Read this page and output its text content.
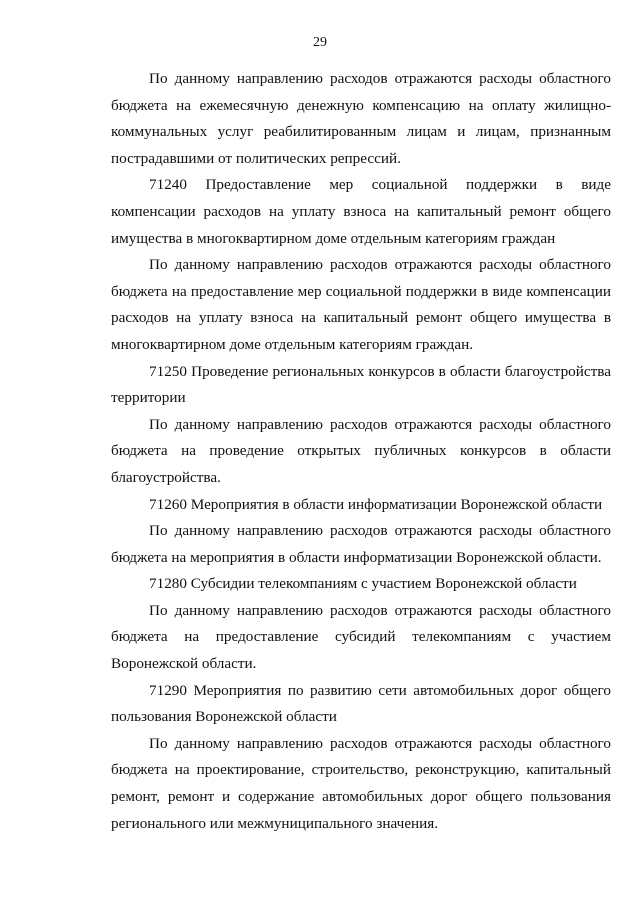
29

По данному направлению расходов отражаются расходы областного бюджета на ежемесячную денежную компенсацию на оплату жилищно-коммунальных услуг реабилитированным лицам и лицам, признанным пострадавшими от политических репрессий.

71240 Предоставление мер социальной поддержки в виде компенсации расходов на уплату взноса на капитальный ремонт общего имущества в многоквартирном доме отдельным категориям граждан

По данному направлению расходов отражаются расходы областного бюджета на предоставление мер социальной поддержки в виде компенсации расходов на уплату взноса на капитальный ремонт общего имущества в многоквартирном доме отдельным категориям граждан.

71250 Проведение региональных конкурсов в области благоустройства территории

По данному направлению расходов отражаются расходы областного бюджета на проведение открытых публичных конкурсов в области благоустройства.

71260 Мероприятия в области информатизации Воронежской области

По данному направлению расходов отражаются расходы областного бюджета на мероприятия в области информатизации Воронежской области.

71280 Субсидии телекомпаниям с участием Воронежской области

По данному направлению расходов отражаются расходы областного бюджета на предоставление субсидий телекомпаниям с участием Воронежской области.

71290 Мероприятия по развитию сети автомобильных дорог общего пользования Воронежской области

По данному направлению расходов отражаются расходы областного бюджета на проектирование, строительство, реконструкцию, капитальный ремонт, ремонт и содержание автомобильных дорог общего пользования регионального или межмуниципального значения.
